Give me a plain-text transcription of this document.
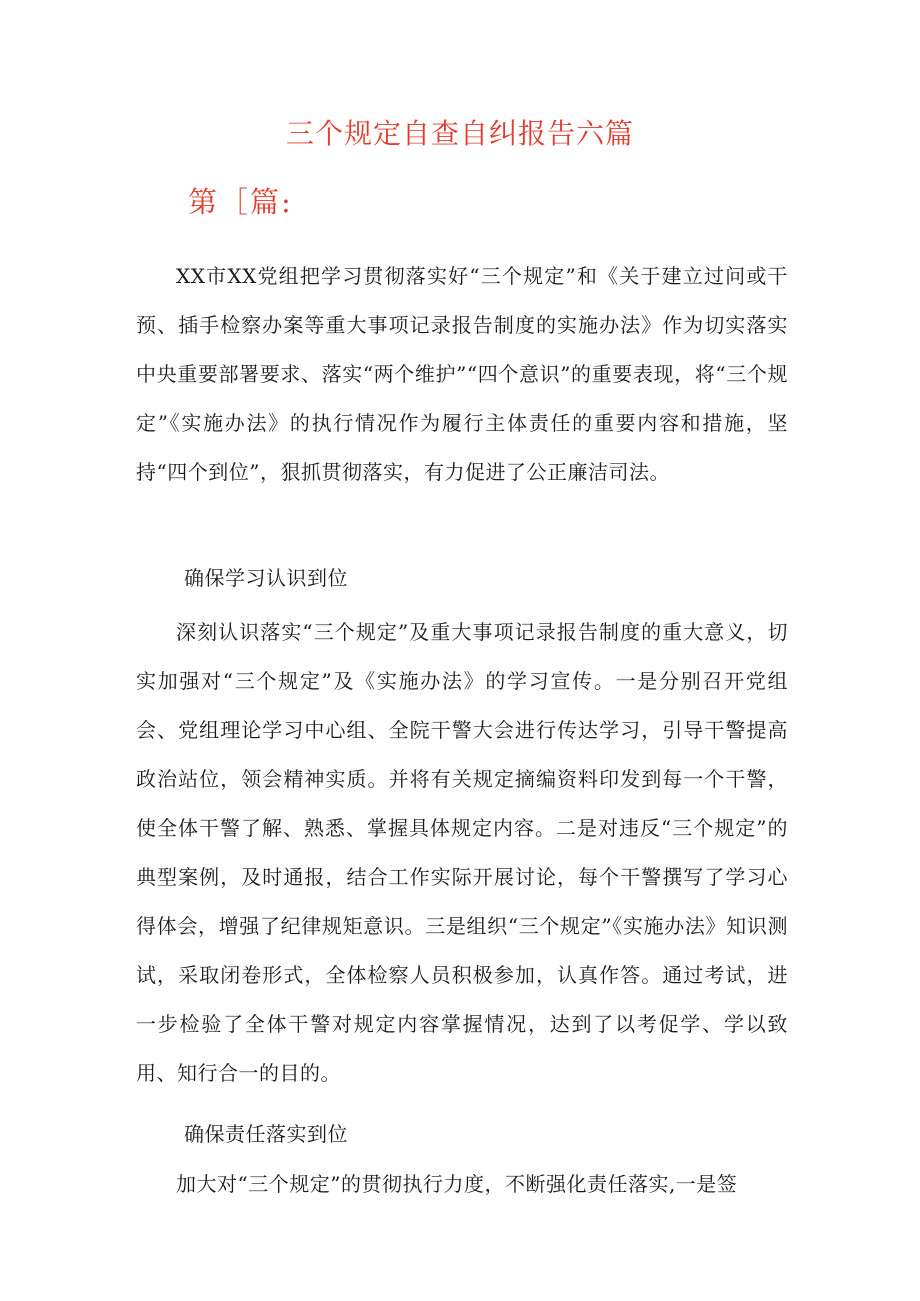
三个规定自查自纠报告六篇
第［篇:

XX市XX党组把学习贯彻落实好“三个规定”和《关于建立过问或干预、插手检察办案等重大事项记录报告制度的实施办法》作为切实落实中央重要部署要求、落实“两个维护”“四个意识”的重要表现，将“三个规定”《实施办法》的执行情况作为履行主体责任的重要内容和措施，坚持“四个到位”，狠抓贯彻落实，有力促进了公正廉洁司法。

确保学习认识到位

深刻认识落实“三个规定”及重大事项记录报告制度的重大意义，切实加强对“三个规定”及《实施办法》的学习宣传。一是分别召开党组会、党组理论学习中心组、全院干警大会进行传达学习，引导干警提高政治站位，领会精神实质。并将有关规定摘编资料印发到每一个干警，使全体干警了解、熟悉、掌握具体规定内容。二是对违反“三个规定”的典型案例，及时通报，结合工作实际开展讨论，每个干警撰写了学习心得体会，增强了纪律规矩意识。三是组织“三个规定”《实施办法》知识测试，采取闭卷形式，全体检察人员积极参加，认真作答。通过考试，进一步检验了全体干警对规定内容掌握情况，达到了以考促学、学以致用、知行合一的目的。

确保责任落实到位

加大对“三个规定”的贯彻执行力度，不断强化责任落实,一是签
